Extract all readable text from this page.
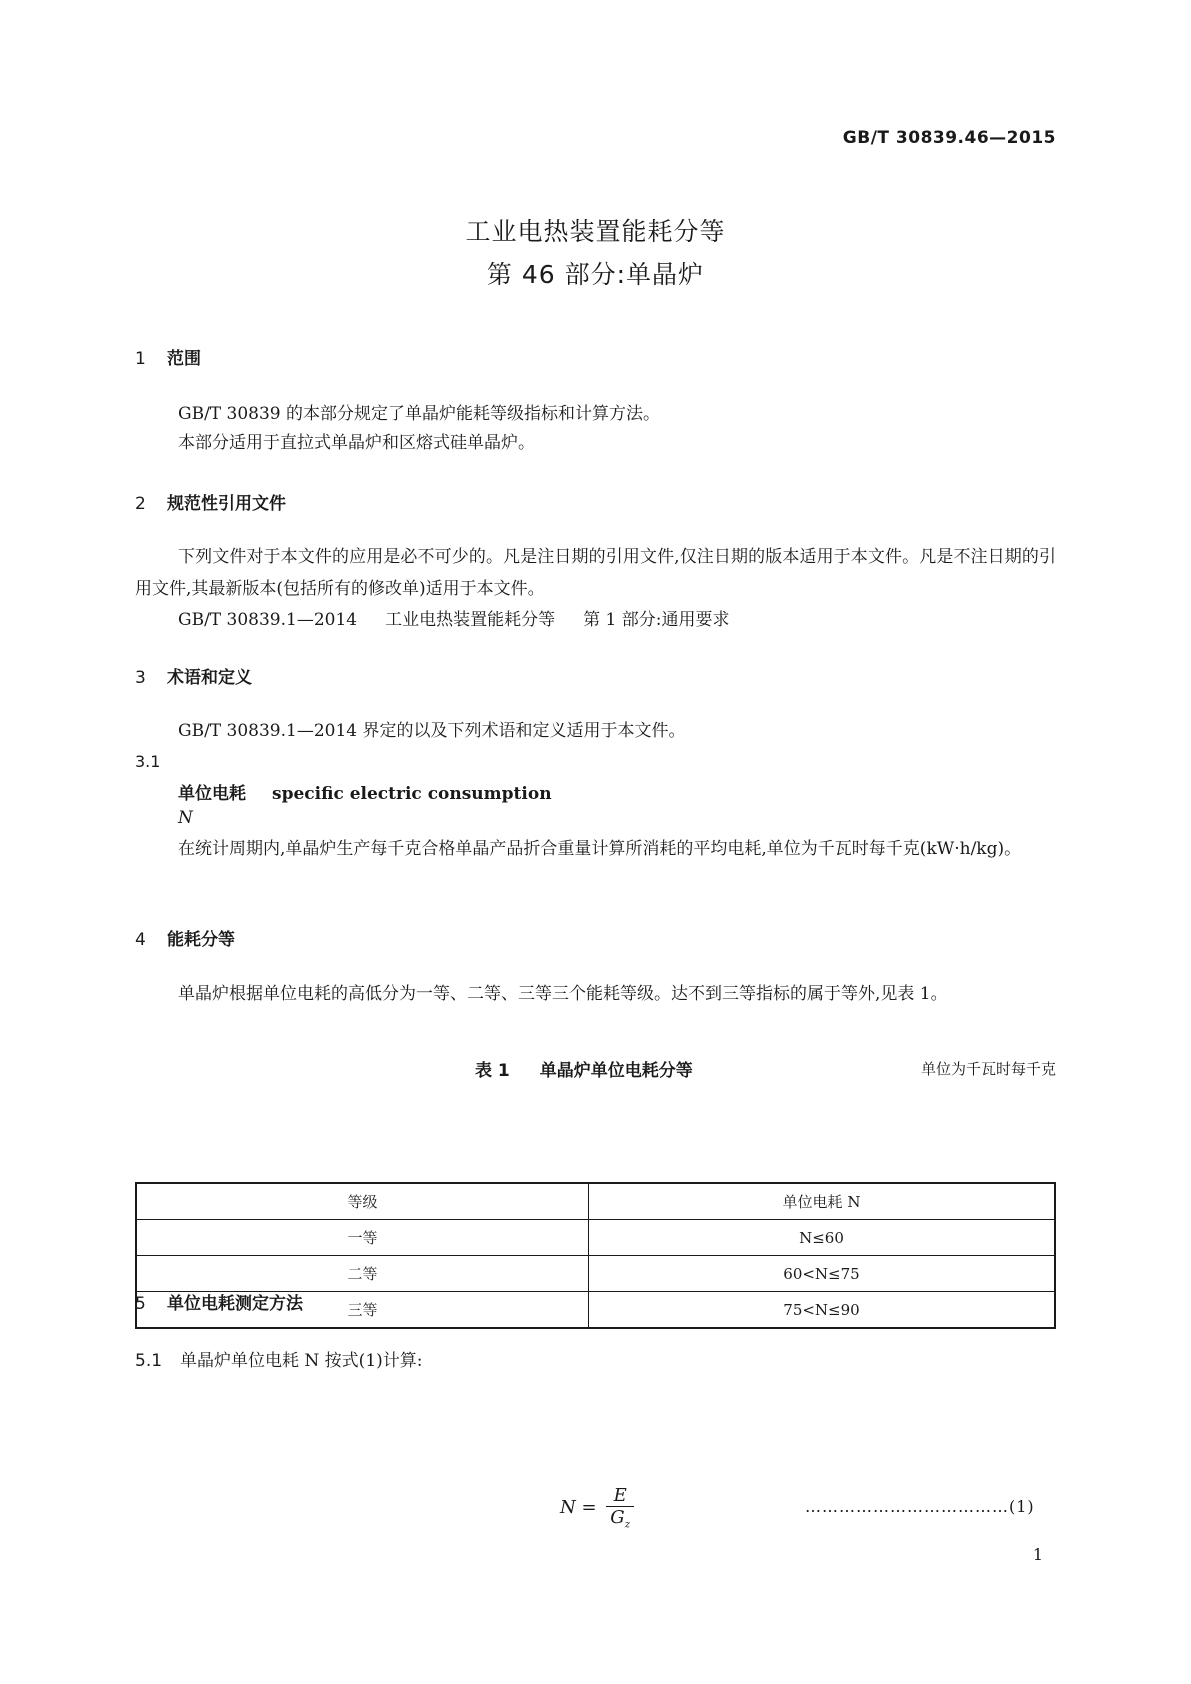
GB/T 30839.46—2015
工业电热装置能耗分等
第 46 部分:单晶炉
1 范围
GB/T 30839 的本部分规定了单晶炉能耗等级指标和计算方法。
本部分适用于直拉式单晶炉和区熔式硅单晶炉。
2 规范性引用文件
下列文件对于本文件的应用是必不可少的。凡是注日期的引用文件,仅注日期的版本适用于本文件。凡是不注日期的引用文件,其最新版本(包括所有的修改单)适用于本文件。
GB/T 30839.1—2014 工业电热装置能耗分等 第 1 部分:通用要求
3 术语和定义
GB/T 30839.1—2014 界定的以及下列术语和定义适用于本文件。
3.1
单位电耗 specific electric consumption
N
在统计周期内,单晶炉生产每千克合格单晶产品折合重量计算所消耗的平均电耗,单位为千瓦时每千克(kW·h/kg)。
4 能耗分等
单晶炉根据单位电耗的高低分为一等、二等、三等三个能耗等级。达不到三等指标的属于等外,见表 1。
表 1 单晶炉单位电耗分等	单位为千瓦时每千克
等级	单位电耗 N
一等	N≤60
二等	60<N≤75
三等	75<N≤90
5 单位电耗测定方法
5.1 单晶炉单位电耗 N 按式(1)计算:
$N = \frac{E}{G_z}$	………………………………(1)
1
